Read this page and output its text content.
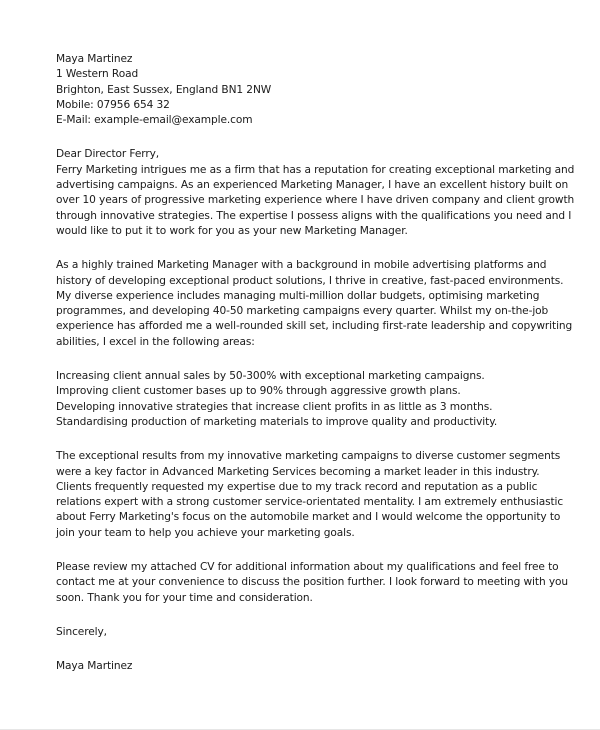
Maya Martinez
1 Western Road
Brighton, East Sussex, England BN1 2NW
Mobile: 07956 654 32
E-Mail: example-email@example.com
Dear Director Ferry,
Ferry Marketing intrigues me as a firm that has a reputation for creating exceptional marketing and
advertising campaigns. As an experienced Marketing Manager, I have an excellent history built on
over 10 years of progressive marketing experience where I have driven company and client growth
through innovative strategies. The expertise I possess aligns with the qualifications you need and I
would like to put it to work for you as your new Marketing Manager.
As a highly trained Marketing Manager with a background in mobile advertising platforms and
history of developing exceptional product solutions, I thrive in creative, fast-paced environments.
My diverse experience includes managing multi-million dollar budgets, optimising marketing
programmes, and developing 40-50 marketing campaigns every quarter. Whilst my on-the-job
experience has afforded me a well-rounded skill set, including first-rate leadership and copywriting
abilities, I excel in the following areas:
Increasing client annual sales by 50-300% with exceptional marketing campaigns.
Improving client customer bases up to 90% through aggressive growth plans.
Developing innovative strategies that increase client profits in as little as 3 months.
Standardising production of marketing materials to improve quality and productivity.
The exceptional results from my innovative marketing campaigns to diverse customer segments
were a key factor in Advanced Marketing Services becoming a market leader in this industry.
Clients frequently requested my expertise due to my track record and reputation as a public
relations expert with a strong customer service-orientated mentality. I am extremely enthusiastic
about Ferry Marketing's focus on the automobile market and I would welcome the opportunity to
join your team to help you achieve your marketing goals.
Please review my attached CV for additional information about my qualifications and feel free to
contact me at your convenience to discuss the position further. I look forward to meeting with you
soon. Thank you for your time and consideration.
Sincerely,
Maya Martinez
